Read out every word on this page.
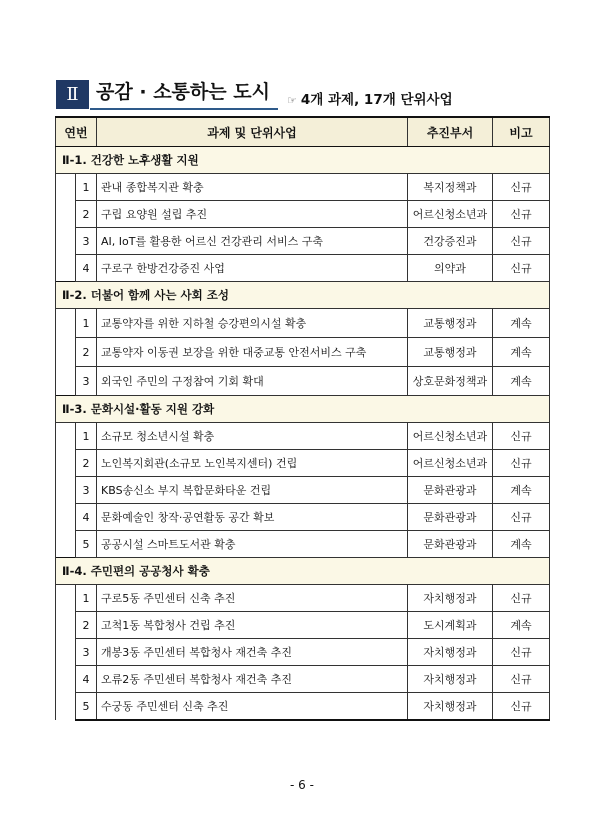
Ⅱ 공감 · 소통하는 도시	☞ 4개 과제, 17개 단위사업
연번		과제 및 단위사업	추진부서	비고
Ⅱ-1. 건강한 노후생활 지원				
	1	관내 종합복지관 확충	복지정책과	신규
	2	구립 요양원 설립 추진	어르신청소년과	신규
	3	AI, IoT를 활용한 어르신 건강관리 서비스 구축	건강증진과	신규
	4	구로구 한방건강증진 사업	의약과	신규
Ⅱ-2. 더불어 함께 사는 사회 조성				
	1	교통약자를 위한 지하철 승강편의시설 확충	교통행정과	계속
	2	교통약자 이동권 보장을 위한 대중교통 안전서비스 구축	교통행정과	계속
	3	외국인 주민의 구정참여 기회 확대	상호문화정책과	계속
Ⅱ-3. 문화시설·활동 지원 강화				
	1	소규모 청소년시설 확충	어르신청소년과	신규
	2	노인복지회관(소규모 노인복지센터) 건립	어르신청소년과	신규
	3	KBS송신소 부지 복합문화타운 건립	문화관광과	계속
	4	문화예술인 창작·공연활동 공간 확보	문화관광과	신규
	5	공공시설 스마트도서관 확충	문화관광과	계속
Ⅱ-4. 주민편의 공공청사 확충				
	1	구로5동 주민센터 신축 추진	자치행정과	신규
	2	고척1동 복합청사 건립 추진	도시계획과	계속
	3	개봉3동 주민센터 복합청사 재건축 추진	자치행정과	신규
	4	오류2동 주민센터 복합청사 재건축 추진	자치행정과	신규
	5	수궁동 주민센터 신축 추진	자치행정과	신규
- 6 -
